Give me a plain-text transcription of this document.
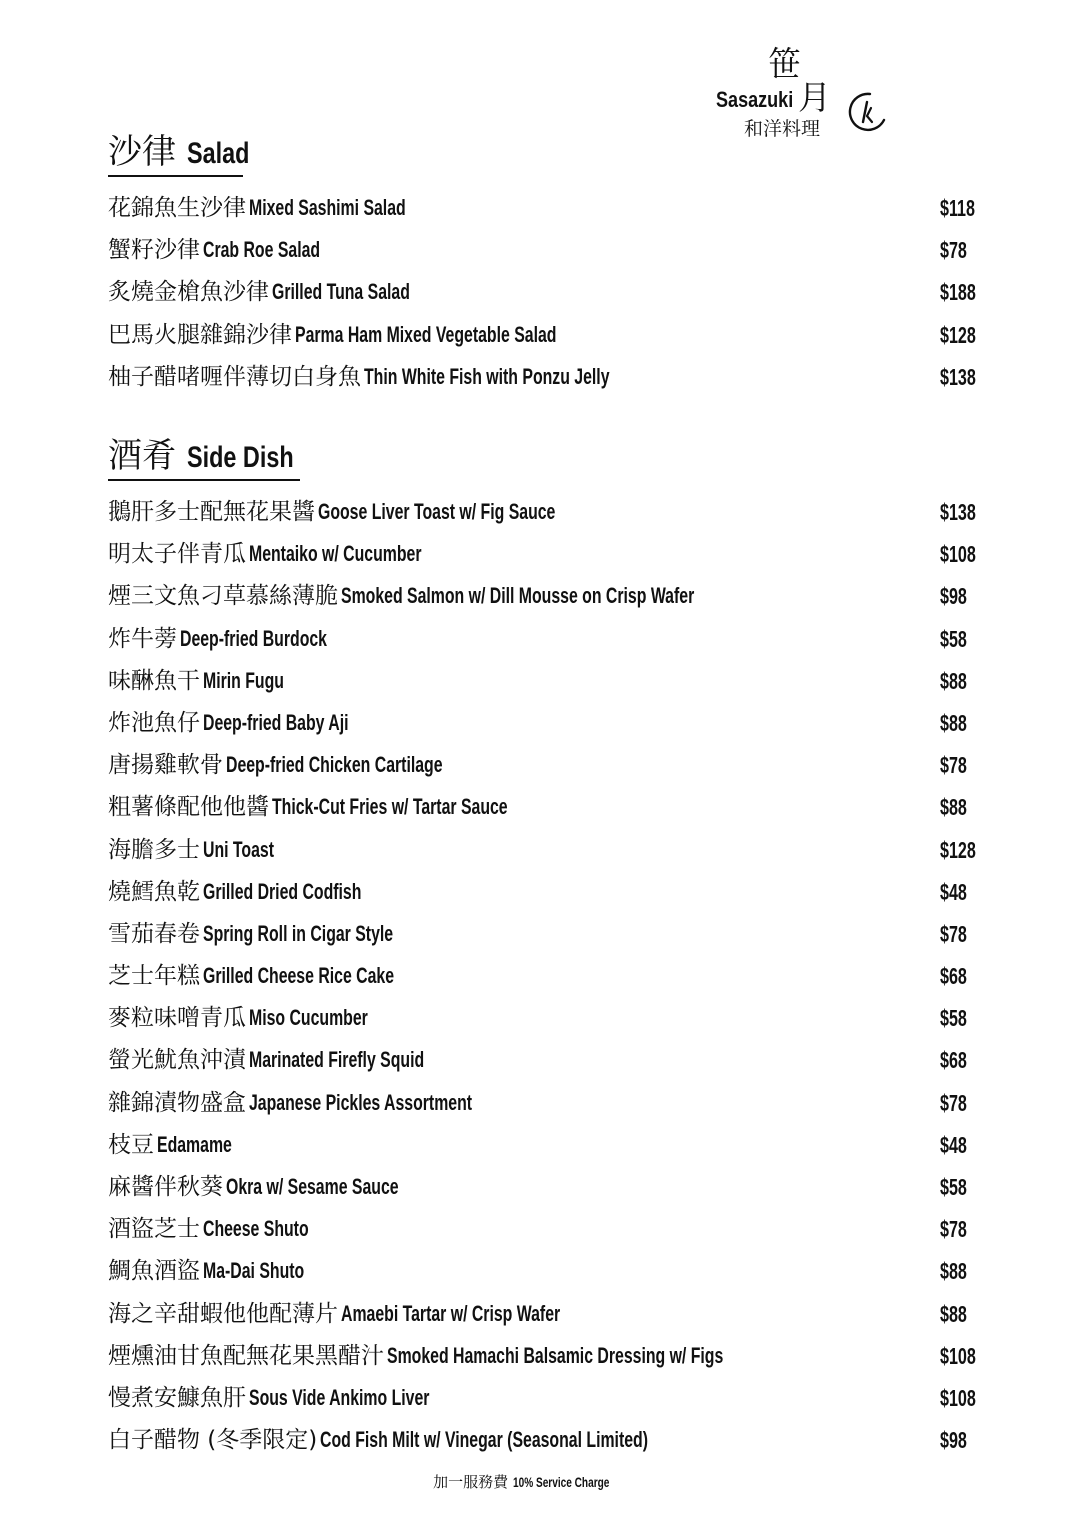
笹
Sasazuki 月
和洋料理
沙律 Salad
花錦魚生沙律 Mixed Sashimi Salad	$118
蟹籽沙律 Crab Roe Salad	$78
炙燒金槍魚沙律 Grilled Tuna Salad	$188
巴馬火腿雜錦沙律 Parma Ham Mixed Vegetable Salad	$128
柚子醋啫喱伴薄切白身魚 Thin White Fish with Ponzu Jelly	$138
酒肴 Side Dish
鵝肝多士配無花果醬 Goose Liver Toast w/ Fig Sauce	$138
明太子伴青瓜 Mentaiko w/ Cucumber	$108
煙三文魚刁草慕絲薄脆 Smoked Salmon w/ Dill Mousse on Crisp Wafer	$98
炸牛蒡 Deep-fried Burdock	$58
味醂魚干 Mirin Fugu	$88
炸池魚仔 Deep-fried Baby Aji	$88
唐揚雞軟骨 Deep-fried Chicken Cartilage	$78
粗薯條配他他醬 Thick-Cut Fries w/ Tartar Sauce	$88
海膽多士 Uni Toast	$128
燒鱈魚乾 Grilled Dried Codfish	$48
雪茄春卷 Spring Roll in Cigar Style	$78
芝士年糕 Grilled Cheese Rice Cake	$68
麥粒味噌青瓜 Miso Cucumber	$58
螢光魷魚沖漬 Marinated Firefly Squid	$68
雜錦漬物盛盒 Japanese Pickles Assortment	$78
枝豆 Edamame	$48
麻醬伴秋葵 Okra w/ Sesame Sauce	$58
酒盜芝士 Cheese Shuto	$78
鯛魚酒盜 Ma-Dai Shuto	$88
海之辛甜蝦他他配薄片 Amaebi Tartar w/ Crisp Wafer	$88
煙燻油甘魚配無花果黑醋汁 Smoked Hamachi Balsamic Dressing w/ Figs	$108
慢煮安鱇魚肝 Sous Vide Ankimo Liver	$108
白子醋物 (冬季限定) Cod Fish Milt w/ Vinegar (Seasonal Limited)	$98
加一服務費 10% Service Charge
